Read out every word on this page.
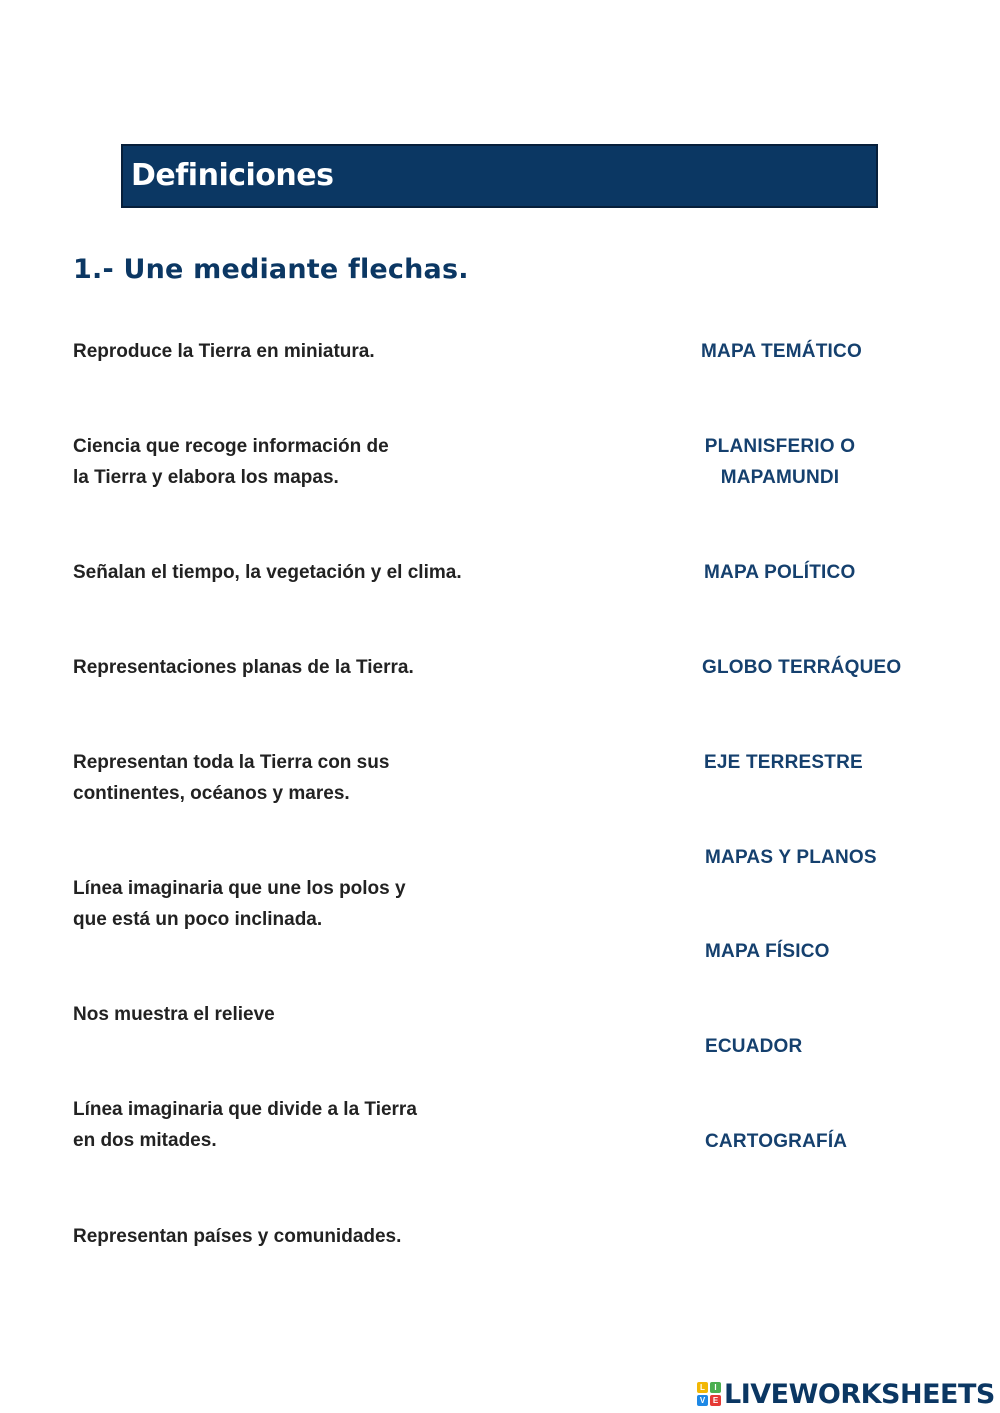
Definiciones
1.- Une mediante flechas.
Reproduce la Tierra en miniatura.
Ciencia que recoge información de
la Tierra y elabora los mapas.
Señalan el tiempo, la vegetación y el clima.
Representaciones planas de la Tierra.
Representan toda la Tierra con sus
continentes, océanos y mares.
Línea imaginaria que une los polos y
que está un poco inclinada.
Nos muestra el relieve
Línea imaginaria que divide a la Tierra
en dos mitades.
Representan países y comunidades.
MAPA TEMÁTICO
PLANISFERIO O
MAPAMUNDI
MAPA POLÍTICO
GLOBO TERRÁQUEO
EJE TERRESTRE
MAPAS Y PLANOS
MAPA FÍSICO
ECUADOR
CARTOGRAFÍA
L	I
V E LIVEWORKSHEETS
